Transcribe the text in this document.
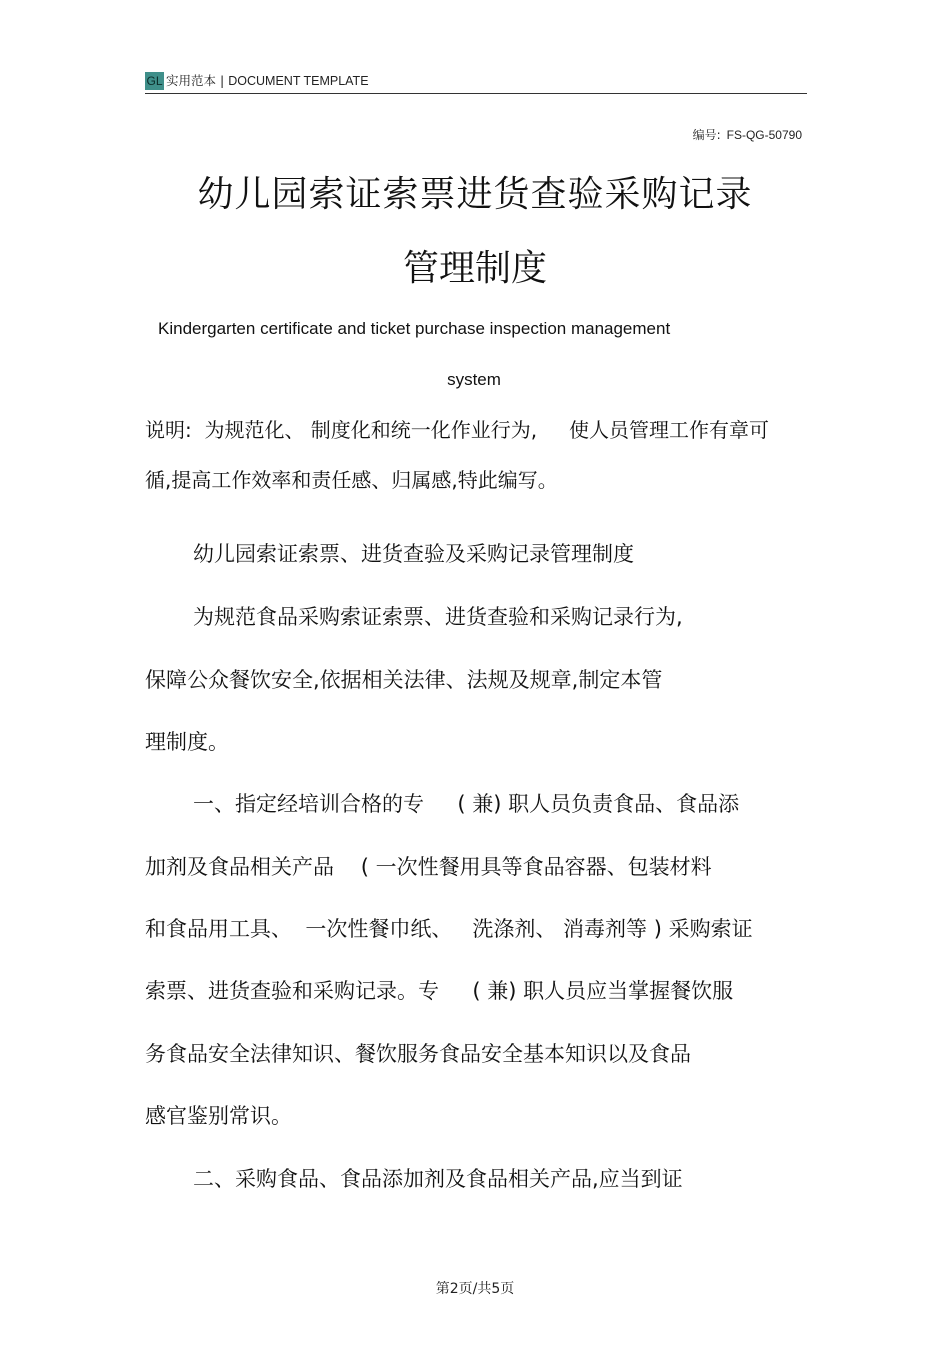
GL 实用范本 | DOCUMENT TEMPLATE
编号: FS-QG-50790
幼儿园索证索票进货查验采购记录
管理制度
Kindergarten certificate and ticket purchase inspection management
system
说明:  为规范化、 制度化和统一化作业行为,     使人员管理工作有章可
循,提高工作效率和责任感、归属感,特此编写。
幼儿园索证索票、进货查验及采购记录管理制度
为规范食品采购索证索票、进货查验和采购记录行为,
保障公众餐饮安全,依据相关法律、法规及规章,制定本管
理制度。
一、指定经培训合格的专     ( 兼) 职人员负责食品、食品添
加剂及食品相关产品    ( 一次性餐用具等食品容器、包装材料
和食品用工具、  一次性餐巾纸、   洗涤剂、 消毒剂等 ) 采购索证
索票、进货查验和采购记录。专     ( 兼) 职人员应当掌握餐饮服
务食品安全法律知识、餐饮服务食品安全基本知识以及食品
感官鉴别常识。
二、采购食品、食品添加剂及食品相关产品,应当到证
第2页/共5页
